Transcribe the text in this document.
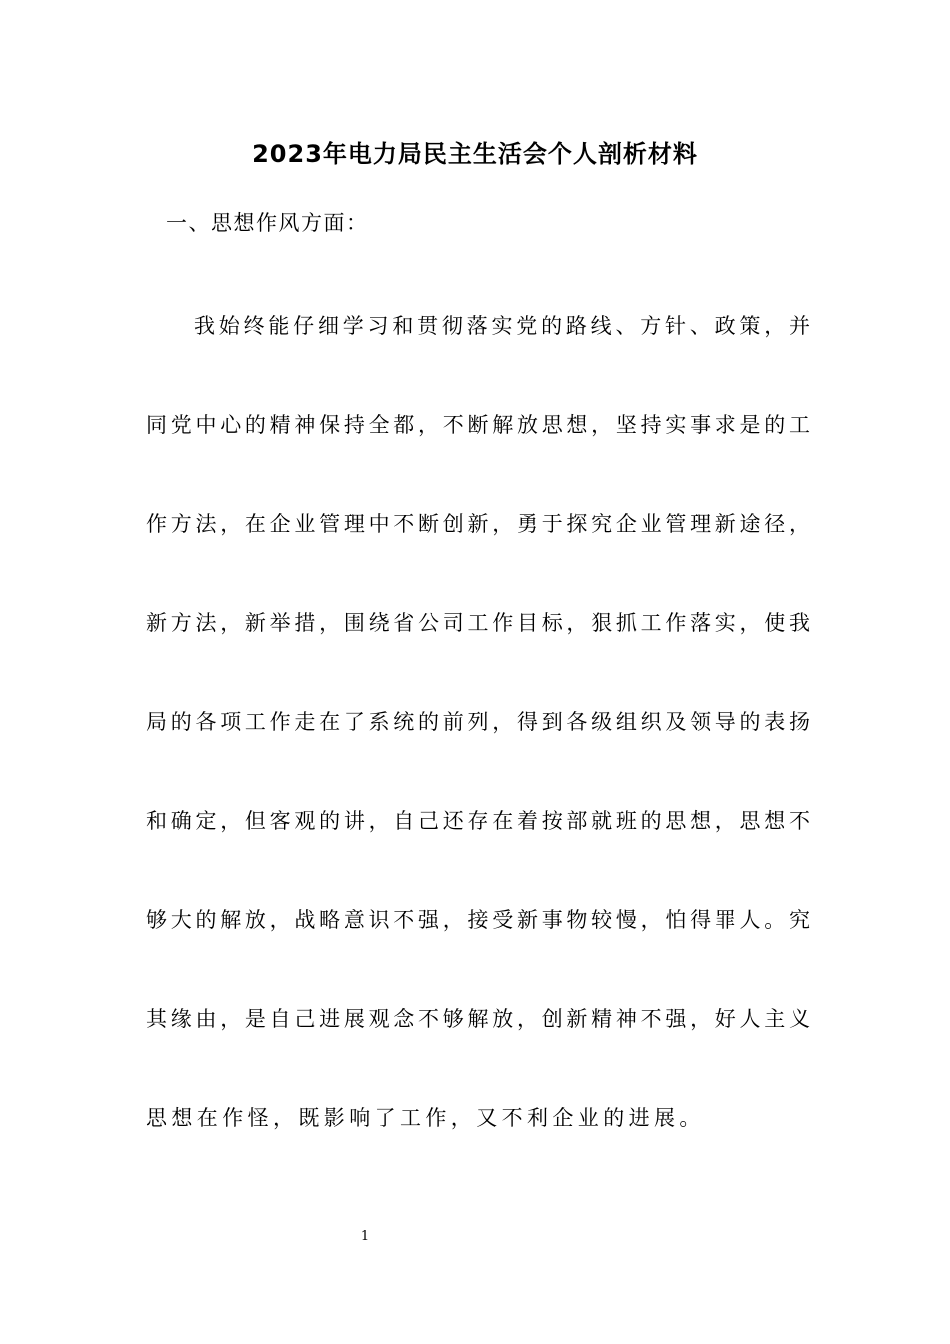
2023年电力局民主生活会个人剖析材料
一、思想作风方面：
我始终能仔细学习和贯彻落实党的路线、方针、政策，并
同党中心的精神保持全都，不断解放思想，坚持实事求是的工
作方法，在企业管理中不断创新，勇于探究企业管理新途径，
新方法，新举措，围绕省公司工作目标，狠抓工作落实，使我
局的各项工作走在了系统的前列，得到各级组织及领导的表扬
和确定，但客观的讲，自己还存在着按部就班的思想，思想不
够大的解放，战略意识不强，接受新事物较慢，怕得罪人。究
其缘由，是自己进展观念不够解放，创新精神不强，好人主义
思想在作怪，既影响了工作，又不利企业的进展。
1
